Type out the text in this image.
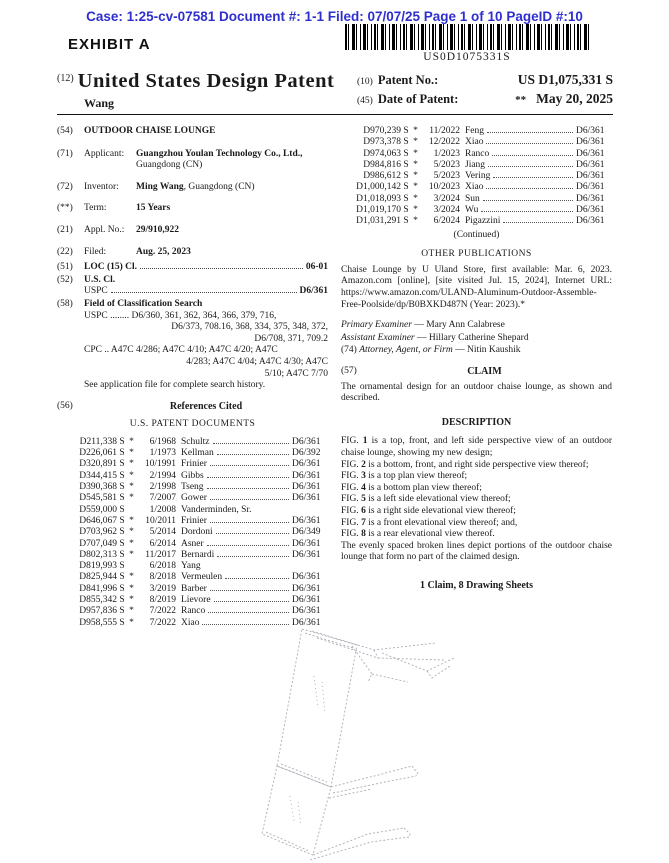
Case: 1:25-cv-07581 Document #: 1-1 Filed: 07/07/25 Page 1 of 10 PageID #:10
US0D1075331S
EXHIBIT A
$^{(12)}$ United States Design Patent
Wang
(10) Patent No.:	US D1,075,331 S
(45) Date of Patent:	** May 20, 2025
(54)	OUTDOOR CHAISE LOUNGE
(71)	Applicant:	Guangzhou Youlan Technology Co., Ltd., Guangdong (CN)
(72)	Inventor:	Ming Wang, Guangdong (CN)
(**)	Term:	15 Years
(21)	Appl. No.:	29/910,922
(22)	Filed:	Aug. 25, 2023
(51)	LOC (15) Cl.	06-01
(52)	U.S. Cl.
USPC	D6/361
(58)	Field of Classification Search
USPC ........ D6/360, 361, 362, 364, 366, 379, 716,
D6/373, 708.16, 368, 334, 375, 348, 372,
D6/708, 371, 709.2
CPC .. A47C 4/286; A47C 4/10; A47C 4/20; A47C
4/283; A47C 4/04; A47C 4/30; A47C
5/10; A47C 7/70
See application file for complete search history.
(56)	References Cited
U.S. PATENT DOCUMENTS
D211,338 S *	6/1968 Schultz	D6/361
D226,061 S *	1/1973 Kellman	D6/392
D320,891 S *	10/1991 Frinier	D6/361
D344,415 S *	2/1994 Gibbs	D6/361
D390,368 S *	2/1998 Tseng	D6/361
D545,581 S *	7/2007 Gower	D6/361
D559,000 S	1/2008 Vanderminden, Sr.
D646,067 S *	10/2011 Frinier	D6/361
D703,962 S *	5/2014 Dordoni	D6/349
D707,049 S *	6/2014 Asner	D6/361
D802,313 S *	11/2017 Bernardi	D6/361
D819,993 S	6/2018 Yang
D825,944 S *	8/2018 Vermeulen	D6/361
D841,996 S *	3/2019 Barber	D6/361
D855,342 S *	8/2019 Lievore	D6/361
D957,836 S *	7/2022 Ranco	D6/361
D958,555 S *	7/2022 Xiao	D6/361
D970,239 S *	11/2022 Feng	D6/361
D973,378 S *	12/2022 Xiao	D6/361
D974,063 S *	1/2023 Ranco	D6/361
D984,816 S *	5/2023 Jiang	D6/361
D986,612 S *	5/2023 Vering	D6/361
D1,000,142 S *	10/2023 Xiao	D6/361
D1,018,093 S *	3/2024 Sun	D6/361
D1,019,170 S *	3/2024 Wu	D6/361
D1,031,291 S *	6/2024 Pigazzini	D6/361
(Continued)
OTHER PUBLICATIONS
Chaise Lounge by U Uland Store, first available: Mar. 6, 2023. Amazon.com [online], [site visited Jul. 15, 2024], Internet URL: https://www.amazon.com/ULAND-Aluminum-Outdoor-Assemble-Free-Poolside/dp/B0BXKD487N (Year: 2023).*
Primary Examiner — Mary Ann Calabrese
Assistant Examiner — Hillary Catherine Shepard
(74) Attorney, Agent, or Firm — Nitin Kaushik
(57)	CLAIM
The ornamental design for an outdoor chaise lounge, as shown and described.
DESCRIPTION
FIG. 1 is a top, front, and left side perspective view of an outdoor chaise lounge, showing my new design;
FIG. 2 is a bottom, front, and right side perspective view thereof;
FIG. 3 is a top plan view thereof;
FIG. 4 is a bottom plan view thereof;
FIG. 5 is a left side elevational view thereof;
FIG. 6 is a right side elevational view thereof;
FIG. 7 is a front elevational view thereof; and,
FIG. 8 is a rear elevational view thereof.
The evenly spaced broken lines depict portions of the outdoor chaise lounge that form no part of the claimed design.
1 Claim, 8 Drawing Sheets
